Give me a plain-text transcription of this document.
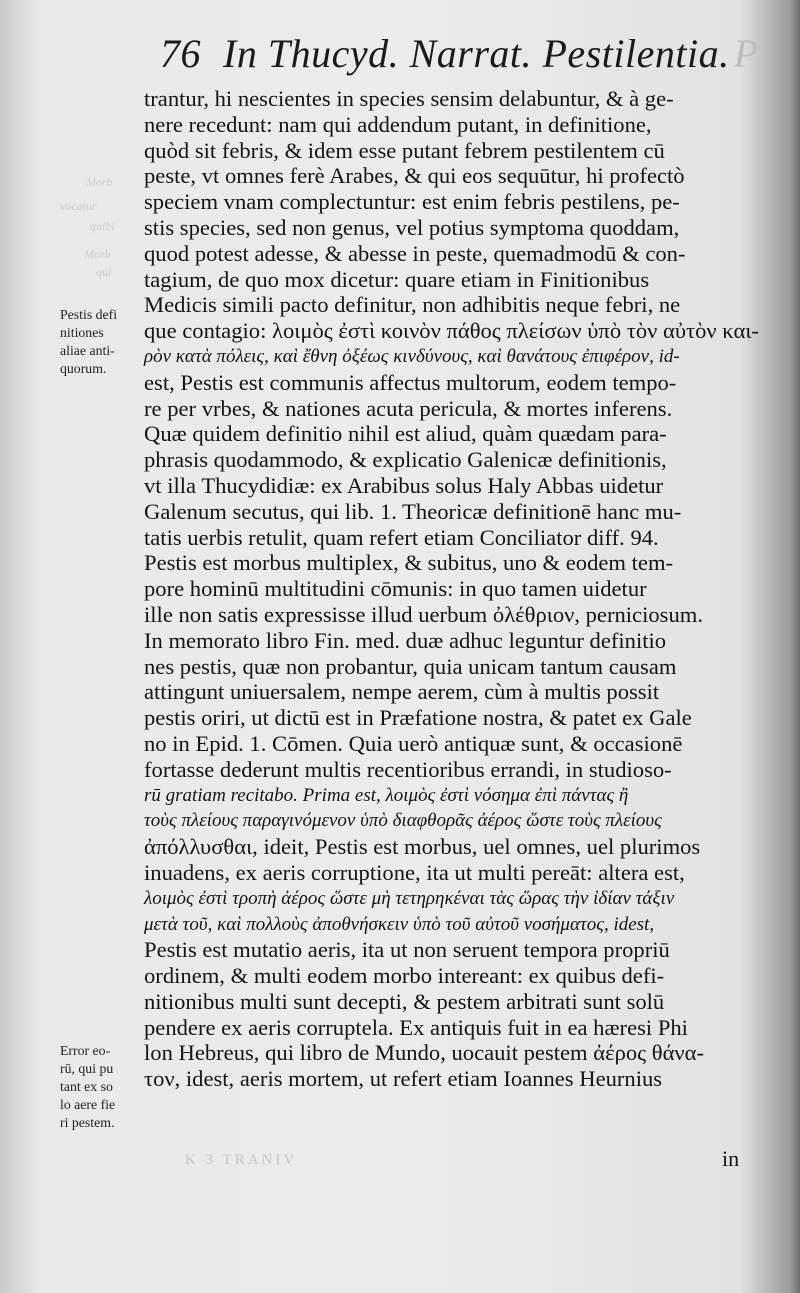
Morb
vocatur
quibl
Morb
qui
76 In Thucyd. Narrat. Pestilentia. P
Pestis defi
nitiones
aliae anti-
quorum.
Error eo-
rū, qui pu
tant ex so
lo aere fie
ri pestem.
trantur, hi nescientes in species sensim delabuntur, & à ge-
nere recedunt: nam qui addendum putant, in definitione,
quòd sit febris, & idem esse putant febrem pestilentem cū
peste, vt omnes ferè Arabes, & qui eos sequūtur, hi profectò
speciem vnam complectuntur: est enim febris pestilens, pe-
stis species, sed non genus, vel potius symptoma quoddam,
quod potest adesse, & abesse in peste, quemadmodū & con-
tagium, de quo mox dicetur: quare etiam in Finitionibus
Medicis simili pacto definitur, non adhibitis neque febri, ne
que contagio: λοιμὸς ἐστὶ κοινὸν πάθος πλείσων ὑπὸ τὸν αὐτὸν και-
ρὸν κατὰ πόλεις, καὶ ἔθνη ὀξέως κινδύνους, καὶ θανάτους ἐπιφέρον, id-
est, Pestis est communis affectus multorum, eodem tempo-
re per vrbes, & nationes acuta pericula, & mortes inferens.
Quæ quidem definitio nihil est aliud, quàm quædam para-
phrasis quodammodo, & explicatio Galenicæ definitionis,
vt illa Thucydidiæ: ex Arabibus solus Haly Abbas uidetur
Galenum secutus, qui lib. 1. Theoricæ definitionē hanc mu-
tatis uerbis retulit, quam refert etiam Conciliator diff. 94.
Pestis est morbus multiplex, & subitus, uno & eodem tem-
pore hominū multitudini cōmunis: in quo tamen uidetur
ille non satis expressisse illud uerbum ὀλέθριον, perniciosum.
In memorato libro Fin. med. duæ adhuc leguntur definitio
nes pestis, quæ non probantur, quia unicam tantum causam
attingunt uniuersalem, nempe aerem, cùm à multis possit
pestis oriri, ut dictū est in Præfatione nostra, & patet ex Gale
no in Epid. 1. Cōmen. Quia uerò antiquæ sunt, & occasionē
fortasse dederunt multis recentioribus errandi, in studioso-
rū gratiam recitabo. Prima est, λοιμὸς ἐστὶ νόσημα ἐπὶ πάντας ἢ
τοὺς πλείους παραγινόμενον ὑπὸ διαφθορᾶς ἀέρος ὥστε τοὺς πλείους
ἀπόλλυσθαι, ideit, Pestis est morbus, uel omnes, uel plurimos
inuadens, ex aeris corruptione, ita ut multi pereāt: altera est,
λοιμὸς ἐστὶ τροπὴ ἀέρος ὥστε μὴ τετηρηκέναι τὰς ὥρας τὴν ἰδίαν τάξιν
μετὰ τοῦ, καὶ πολλοὺς ἀποθνήσκειν ὑπὸ τοῦ αὐτοῦ νοσήματος, idest,
Pestis est mutatio aeris, ita ut non seruent tempora propriū
ordinem, & multi eodem morbo intereant: ex quibus defi-
nitionibus multi sunt decepti, & pestem arbitrati sunt solū
pendere ex aeris corruptela. Ex antiquis fuit in ea hæresi Phi
lon Hebreus, qui libro de Mundo, uocauit pestem ἀέρος θάνα-
τον, idest, aeris mortem, ut refert etiam Ioannes Heurnius
K 3 TRANIV	in
